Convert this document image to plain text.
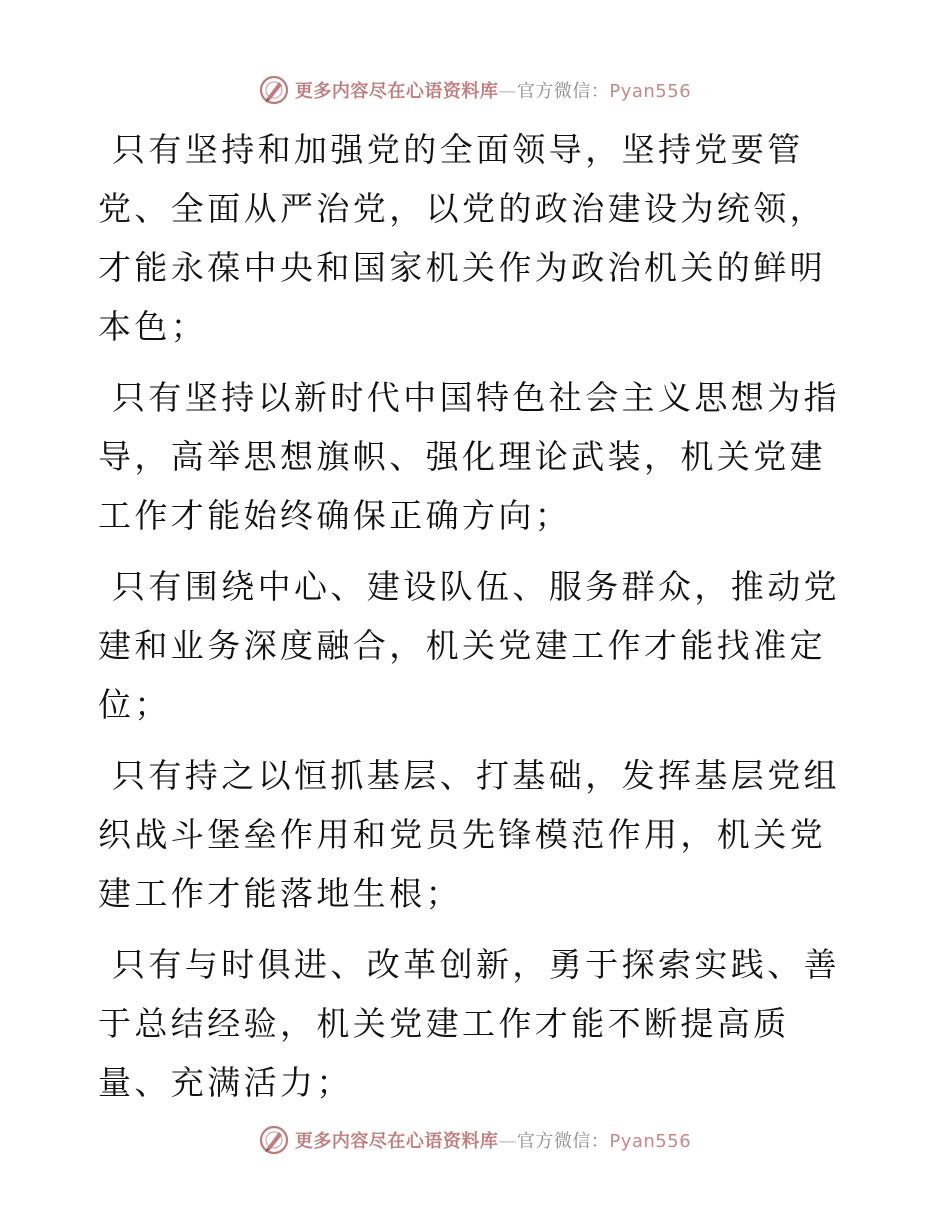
更多内容尽在心语资料库—官方微信：Pyan556

只有坚持和加强党的全面领导，坚持党要管党、全面从严治党，以党的政治建设为统领，才能永葆中央和国家机关作为政治机关的鲜明本色；

只有坚持以新时代中国特色社会主义思想为指导，高举思想旗帜、强化理论武装，机关党建工作才能始终确保正确方向；

只有围绕中心、建设队伍、服务群众，推动党建和业务深度融合，机关党建工作才能找准定位；

只有持之以恒抓基层、打基础，发挥基层党组织战斗堡垒作用和党员先锋模范作用，机关党建工作才能落地生根；

只有与时俱进、改革创新，勇于探索实践、善于总结经验，机关党建工作才能不断提高质量、充满活力；

更多内容尽在心语资料库—官方微信：Pyan556
